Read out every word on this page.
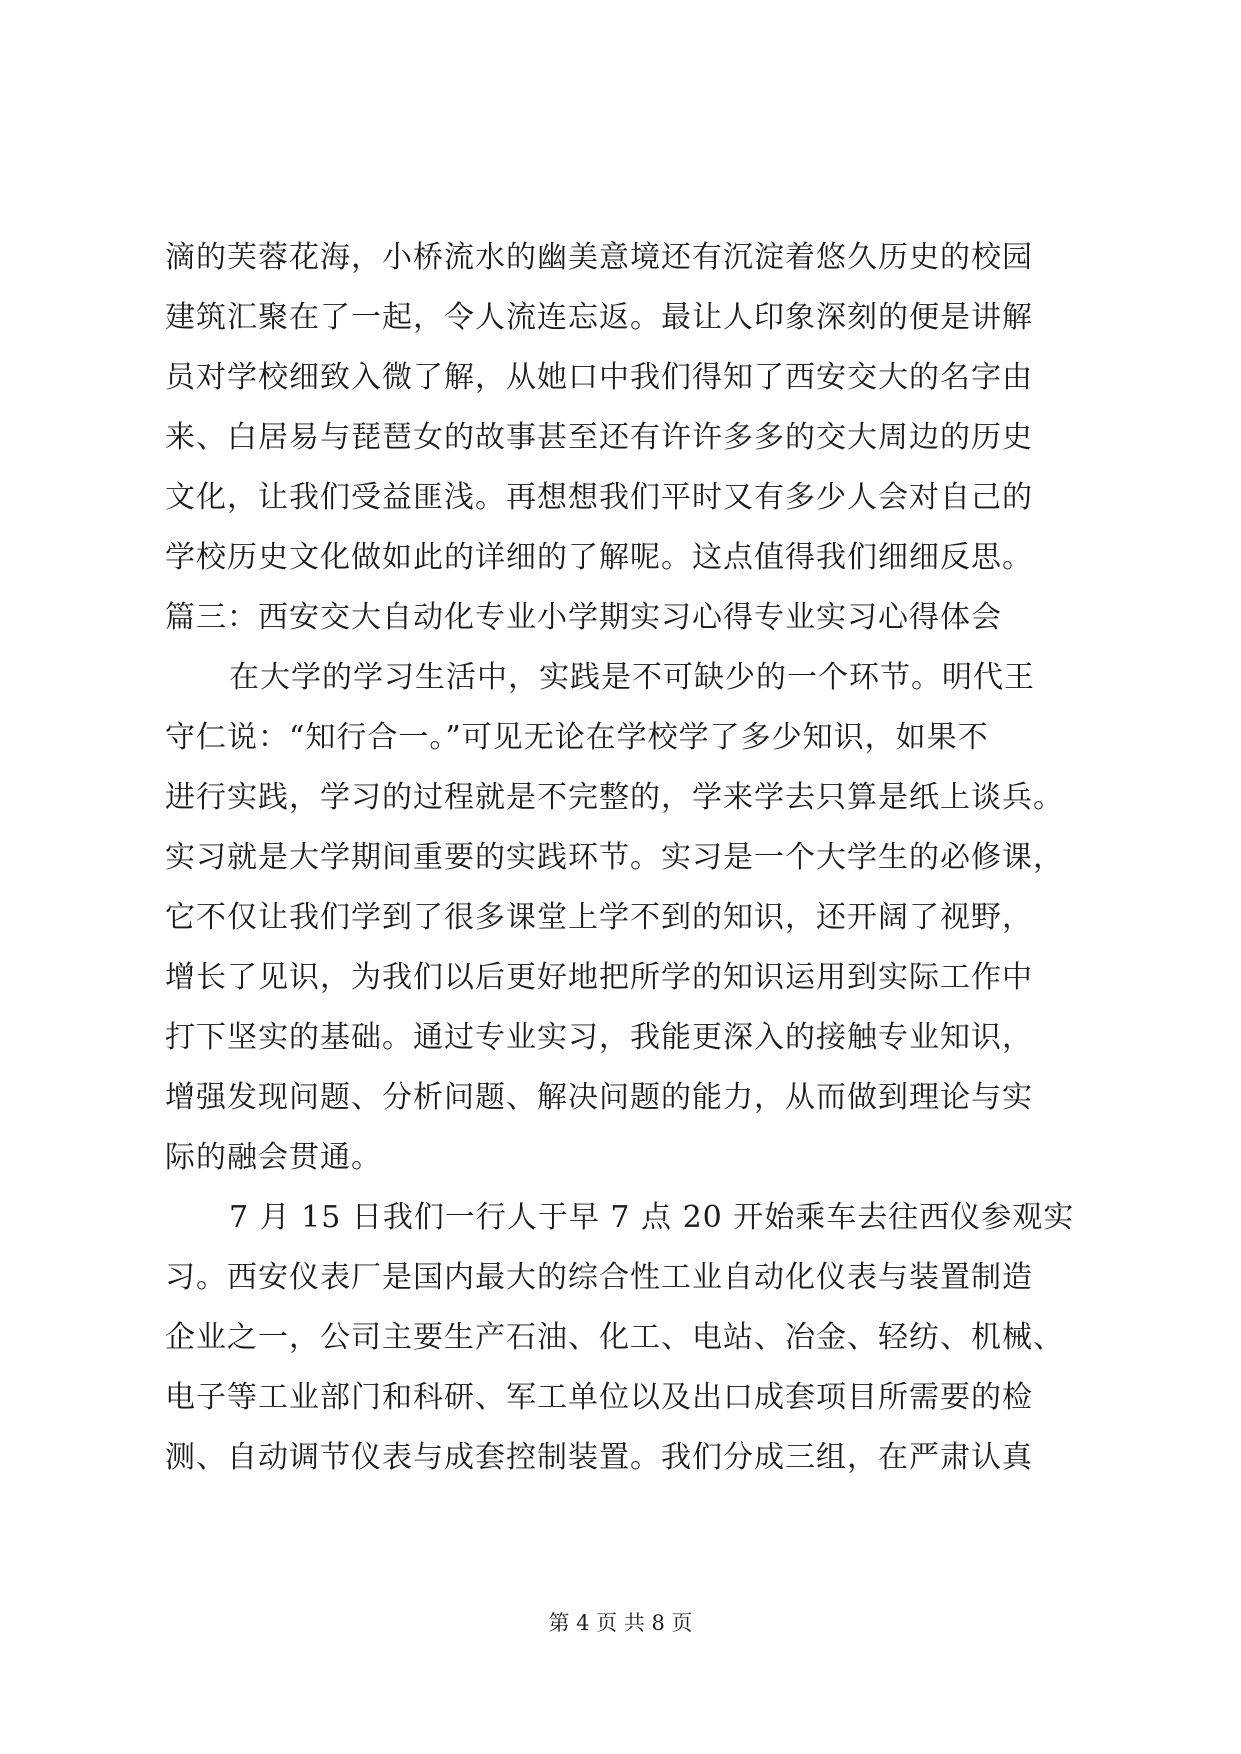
滴的芙蓉花海，小桥流水的幽美意境还有沉淀着悠久历史的校园
建筑汇聚在了一起，令人流连忘返。最让人印象深刻的便是讲解
员对学校细致入微了解，从她口中我们得知了西安交大的名字由
来、白居易与琵琶女的故事甚至还有许许多多的交大周边的历史
文化，让我们受益匪浅。再想想我们平时又有多少人会对自己的
学校历史文化做如此的详细的了解呢。这点值得我们细细反思。
篇三：西安交大自动化专业小学期实习心得专业实习心得体会
在大学的学习生活中，实践是不可缺少的一个环节。明代王
守仁说：“知行合一。”可见无论在学校学了多少知识，如果不
进行实践，学习的过程就是不完整的，学来学去只算是纸上谈兵。
实习就是大学期间重要的实践环节。实习是一个大学生的必修课，
它不仅让我们学到了很多课堂上学不到的知识，还开阔了视野，
增长了见识，为我们以后更好地把所学的知识运用到实际工作中
打下坚实的基础。通过专业实习，我能更深入的接触专业知识，
增强发现问题、分析问题、解决问题的能力，从而做到理论与实
际的融会贯通。
7 月 15 日我们一行人于早 7 点 20 开始乘车去往西仪参观实
习。西安仪表厂是国内最大的综合性工业自动化仪表与装置制造
企业之一，公司主要生产石油、化工、电站、冶金、轻纺、机械、
电子等工业部门和科研、军工单位以及出口成套项目所需要的检
测、自动调节仪表与成套控制装置。我们分成三组，在严肃认真
第 4 页 共 8 页
